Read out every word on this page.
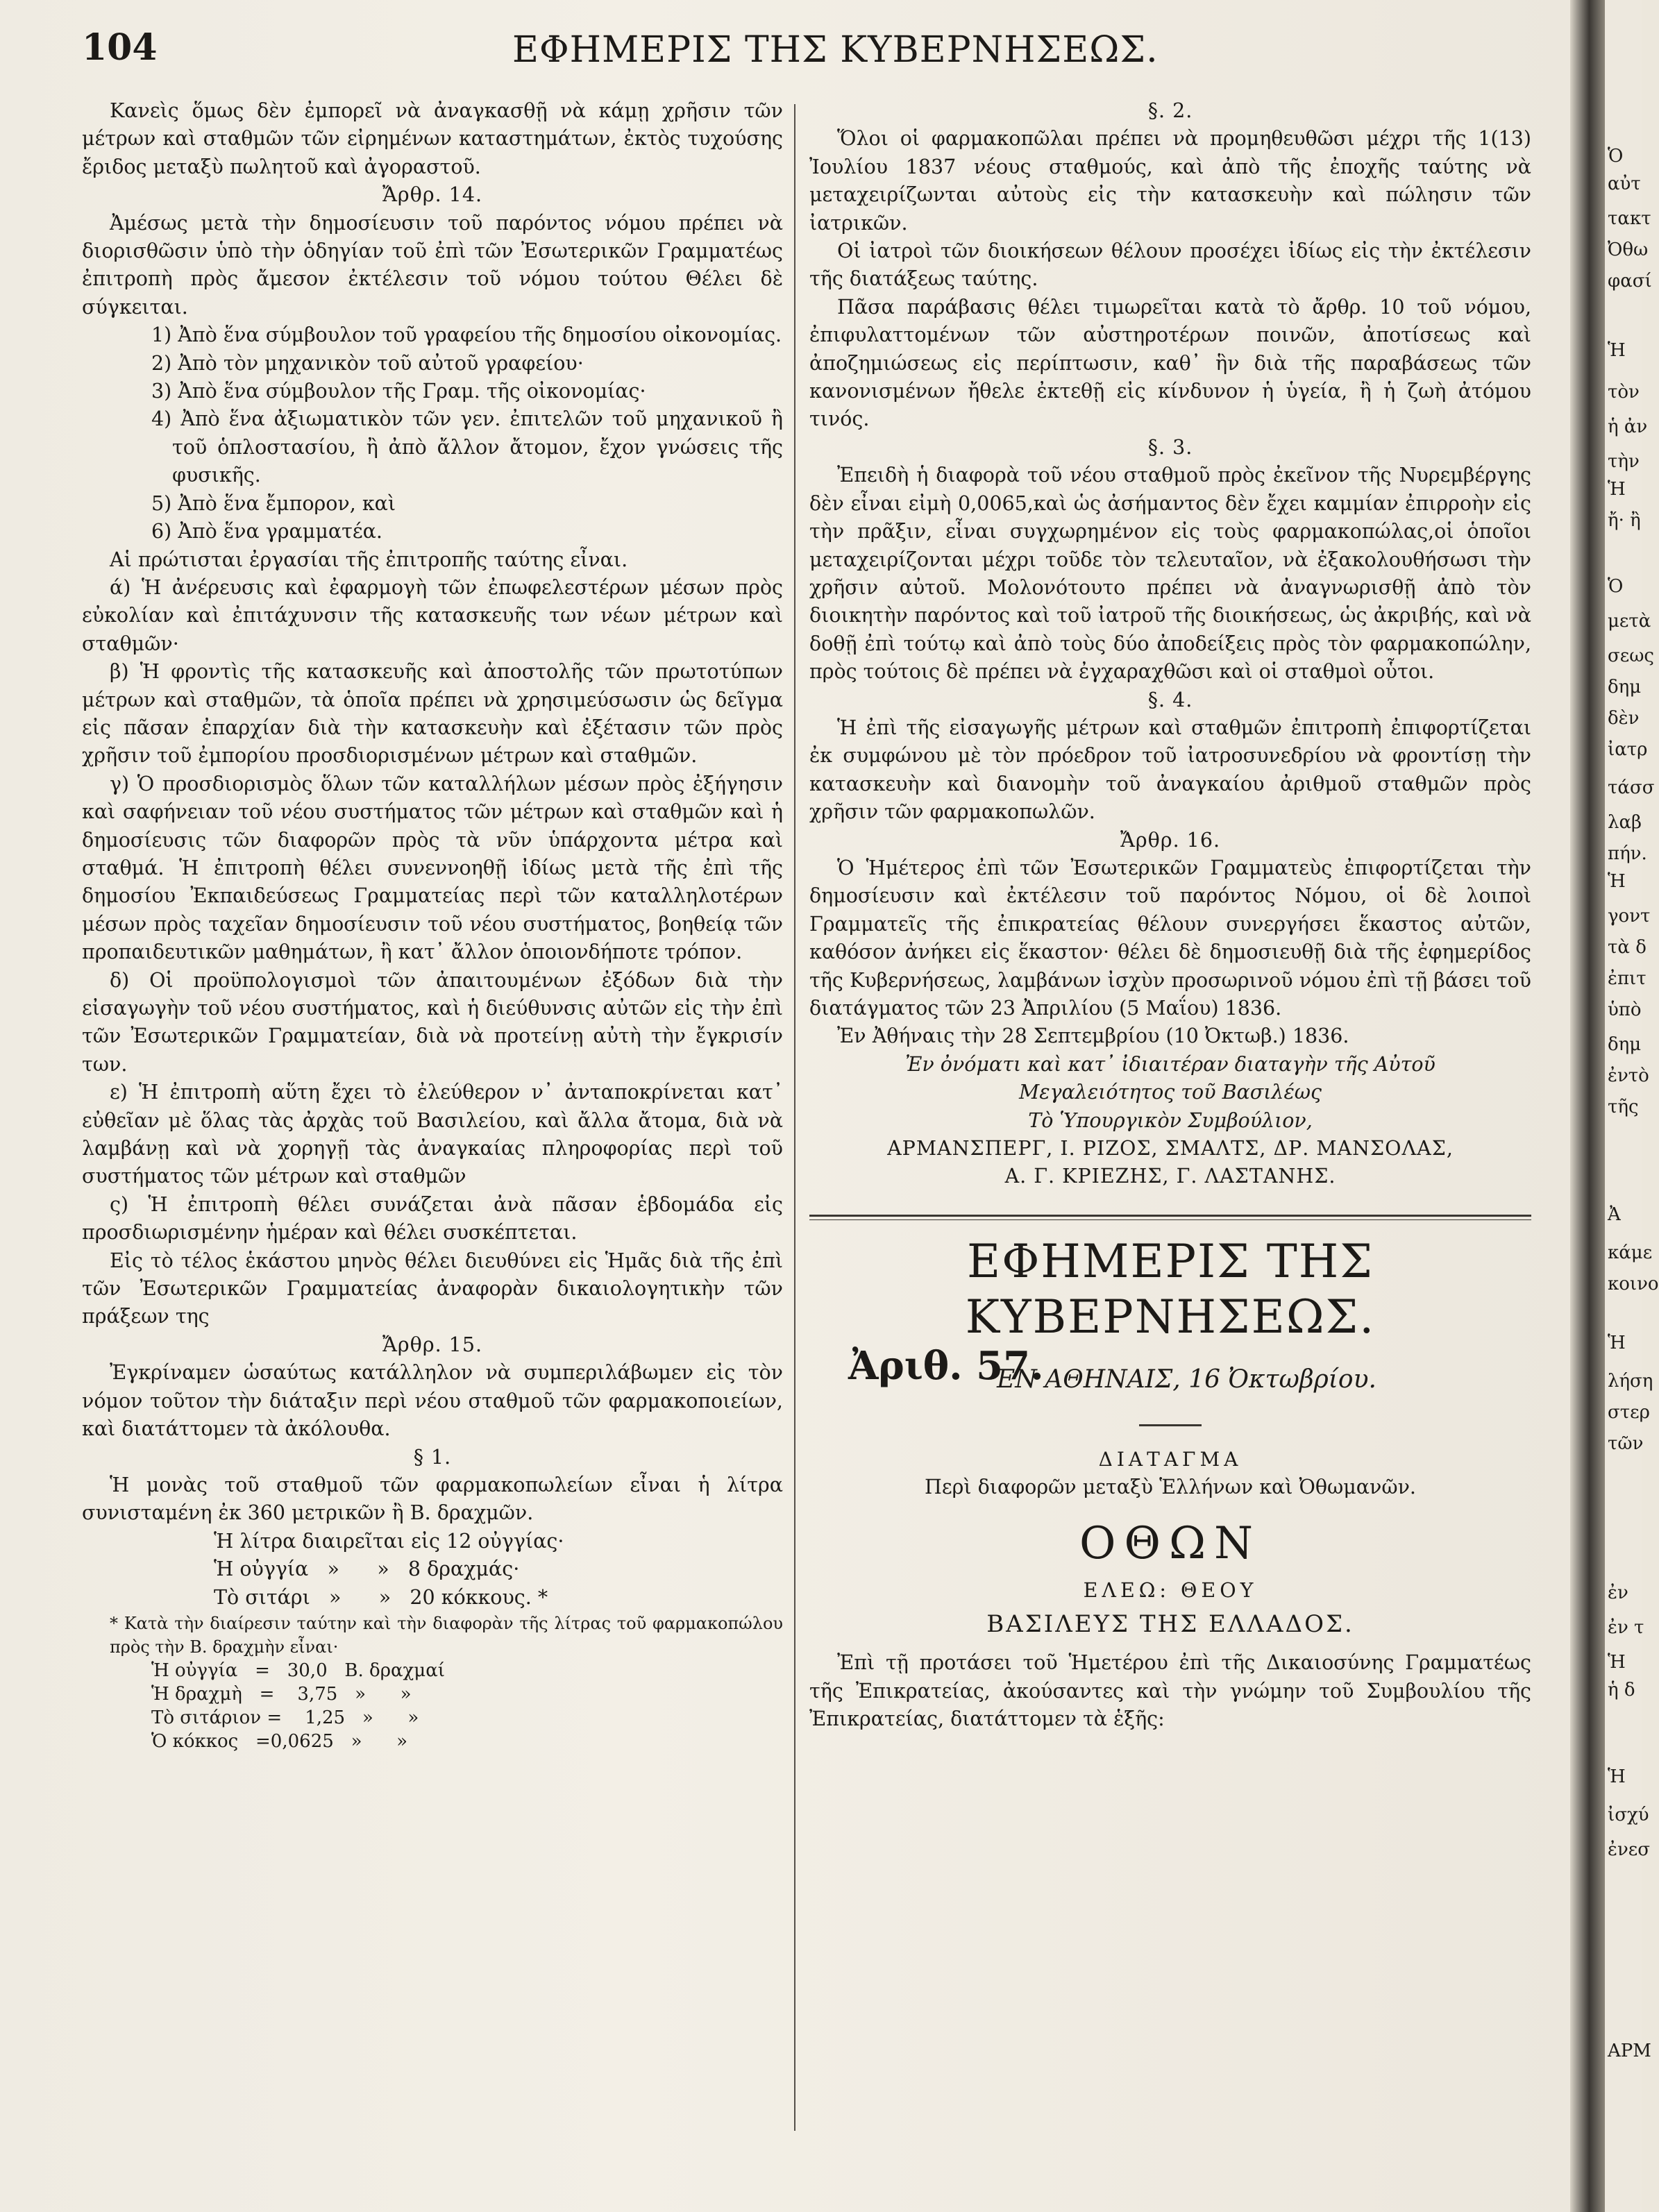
104	ΕΦΗΜΕΡΙΣ ΤΗΣ ΚΥΒΕΡΝΗΣΕΩΣ.

Κανεὶς ὅμως δὲν ἐμπορεῖ νὰ ἀναγκασθῇ νὰ κάμῃ χρῆσιν τῶν μέτρων καὶ σταθμῶν τῶν εἰρημένων καταστημάτων, ἐκτὸς τυχούσης ἔριδος μεταξὺ πωλητοῦ καὶ ἀγοραστοῦ.

Ἄρθρ. 14.

Ἀμέσως μετὰ τὴν δημοσίευσιν τοῦ παρόντος νόμου πρέπει νὰ διορισθῶσιν ὑπὸ τὴν ὁδηγίαν τοῦ ἐπὶ τῶν Ἐσωτερικῶν Γραμματέως ἐπιτροπὴ πρὸς ἄμεσον ἐκτέλεσιν τοῦ νόμου τούτου Θέλει δὲ σύγκειται.

1) Ἀπὸ ἕνα σύμβουλον τοῦ γραφείου τῆς δημοσίου οἰκονομίας.

2) Ἀπὸ τὸν μηχανικὸν τοῦ αὐτοῦ γραφείου·

3) Ἀπὸ ἕνα σύμβουλον τῆς Γραμ. τῆς οἰκονομίας·

4) Ἀπὸ ἕνα ἀξιωματικὸν τῶν γεν. ἐπιτελῶν τοῦ μηχανικοῦ ἢ τοῦ ὁπλοστασίου, ἢ ἀπὸ ἄλλον ἄτομον, ἔχον γνώσεις τῆς φυσικῆς.

5) Ἀπὸ ἕνα ἔμπορον, καὶ

6) Ἀπὸ ἕνα γραμματέα.

Αἱ πρώτισται ἐργασίαι τῆς ἐπιτροπῆς ταύτης εἶναι.

ά) Ἡ ἀνέρευσις καὶ ἐφαρμογὴ τῶν ἐπωφελεστέρων μέσων πρὸς εὐκολίαν καὶ ἐπιτάχυνσιν τῆς κατασκευῆς των νέων μέτρων καὶ σταθμῶν·

β) Ἡ φροντὶς τῆς κατασκευῆς καὶ ἀποστολῆς τῶν πρωτοτύπων μέτρων καὶ σταθμῶν, τὰ ὁποῖα πρέπει νὰ χρησιμεύσωσιν ὡς δεῖγμα εἰς πᾶσαν ἐπαρχίαν διὰ τὴν κατασκευὴν καὶ ἐξέτασιν τῶν πρὸς χρῆσιν τοῦ ἐμπορίου προσδιορισμένων μέτρων καὶ σταθμῶν.

γ) Ὁ προσδιορισμὸς ὅλων τῶν καταλλήλων μέσων πρὸς ἐξήγησιν καὶ σαφήνειαν τοῦ νέου συστήματος τῶν μέτρων καὶ σταθμῶν καὶ ἡ δημοσίευσις τῶν διαφορῶν πρὸς τὰ νῦν ὑπάρχοντα μέτρα καὶ σταθμά. Ἡ ἐπιτροπὴ θέλει συνεννοηθῇ ἰδίως μετὰ τῆς ἐπὶ τῆς δημοσίου Ἐκπαιδεύσεως Γραμματείας περὶ τῶν καταλληλοτέρων μέσων πρὸς ταχεῖαν δημοσίευσιν τοῦ νέου συστήματος, βοηθείᾳ τῶν προπαιδευτικῶν μαθημάτων, ἢ κατ᾽ ἄλλον ὁποιονδήποτε τρόπον.

δ) Οἱ προϋπολογισμοὶ τῶν ἀπαιτουμένων ἐξόδων διὰ τὴν εἰσαγωγὴν τοῦ νέου συστήματος, καὶ ἡ διεύθυνσις αὐτῶν εἰς τὴν ἐπὶ τῶν Ἐσωτερικῶν Γραμματείαν, διὰ νὰ προτείνῃ αὐτὴ τὴν ἔγκρισίν των.

ε) Ἡ ἐπιτροπὴ αὕτη ἔχει τὸ ἐλεύθερον ν᾽ ἀνταποκρίνεται κατ᾽ εὐθεῖαν μὲ ὅλας τὰς ἀρχὰς τοῦ Βασιλείου, καὶ ἄλλα ἄτομα, διὰ νὰ λαμβάνῃ καὶ νὰ χορηγῇ τὰς ἀναγκαίας πληροφορίας περὶ τοῦ συστήματος τῶν μέτρων καὶ σταθμῶν

ς) Ἡ ἐπιτροπὴ θέλει συνάζεται ἀνὰ πᾶσαν ἑβδομάδα εἰς προσδιωρισμένην ἡμέραν καὶ θέλει συσκέπτεται.

Εἰς τὸ τέλος ἑκάστου μηνὸς θέλει διευθύνει εἰς Ἡμᾶς διὰ τῆς ἐπὶ τῶν Ἐσωτερικῶν Γραμματείας ἀναφορὰν δικαιολογητικὴν τῶν πράξεων της

Ἄρθρ. 15.

Ἐγκρίναμεν ὡσαύτως κατάλληλον νὰ συμπεριλάβωμεν εἰς τὸν νόμον τοῦτον τὴν διάταξιν περὶ νέου σταθμοῦ τῶν φαρμακοποιείων, καὶ διατάττομεν τὰ ἀκόλουθα.

§ 1.

Ἡ μονὰς τοῦ σταθμοῦ τῶν φαρμακοπωλείων εἶναι ἡ λίτρα συνισταμένη ἐκ 360 μετρικῶν ἢ Β. δραχμῶν.

Ἡ λίτρα διαιρεῖται εἰς 12 οὐγγίας·

Ἡ οὐγγία   »      »   8 δραχμάς·

Τὸ σιτάρι   »      »   20 κόκκους. *

* Κατὰ τὴν διαίρεσιν ταύτην καὶ τὴν διαφορὰν τῆς λίτρας τοῦ φαρμακοπώλου πρὸς τὴν Β. δραχμὴν εἶναι·

Ἡ οὐγγία   =   30,0   Β. δραχμαί

Ἡ δραχμὴ   =    3,75   »      »

Τὸ σιτάριον =    1,25   »      »

Ὁ κόκκος   =0,0625   »      »

§. 2.

Ὅλοι οἱ φαρμακοπῶλαι πρέπει νὰ προμηθευθῶσι μέχρι τῆς 1(13) Ἰουλίου 1837 νέους σταθμούς, καὶ ἀπὸ τῆς ἐποχῆς ταύτης νὰ μεταχειρίζωνται αὐτοὺς εἰς τὴν κατασκευὴν καὶ πώλησιν τῶν ἰατρικῶν.

Οἱ ἰατροὶ τῶν διοικήσεων θέλουν προσέχει ἰδίως εἰς τὴν ἐκτέλεσιν τῆς διατάξεως ταύτης.

Πᾶσα παράβασις θέλει τιμωρεῖται κατὰ τὸ ἄρθρ. 10 τοῦ νόμου, ἐπιφυλαττομένων τῶν αὐστηροτέρων ποινῶν, ἀποτίσεως καὶ ἀποζημιώσεως εἰς περίπτωσιν, καθ᾽ ἣν διὰ τῆς παραβάσεως τῶν κανονισμένων ἤθελε ἐκτεθῇ εἰς κίνδυνον ἡ ὑγεία, ἢ ἡ ζωὴ ἀτόμου τινός.

§. 3.

Ἐπειδὴ ἡ διαφορὰ τοῦ νέου σταθμοῦ πρὸς ἐκεῖνον τῆς Νυρεμβέργης δὲν εἶναι εἰμὴ 0,0065,καὶ ὡς ἀσήμαντος δὲν ἔχει καμμίαν ἐπιρροὴν εἰς τὴν πρᾶξιν, εἶναι συγχωρημένον εἰς τοὺς φαρμακοπώλας,οἱ ὁποῖοι μεταχειρίζονται μέχρι τοῦδε τὸν τελευταῖον, νὰ ἐξακολουθήσωσι τὴν χρῆσιν αὐτοῦ. Μολονότουτο πρέπει νὰ ἀναγνωρισθῇ ἀπὸ τὸν διοικητὴν παρόντος καὶ τοῦ ἰατροῦ τῆς διοικήσεως, ὡς ἀκριβής, καὶ νὰ δοθῇ ἐπὶ τούτῳ καὶ ἀπὸ τοὺς δύο ἀποδείξεις πρὸς τὸν φαρμακοπώλην, πρὸς τούτοις δὲ πρέπει νὰ ἐγχαραχθῶσι καὶ οἱ σταθμοὶ οὗτοι.

§. 4.

Ἡ ἐπὶ τῆς εἰσαγωγῆς μέτρων καὶ σταθμῶν ἐπιτροπὴ ἐπιφορτίζεται ἐκ συμφώνου μὲ τὸν πρόεδρον τοῦ ἰατροσυνεδρίου νὰ φροντίσῃ τὴν κατασκευὴν καὶ διανομὴν τοῦ ἀναγκαίου ἀριθμοῦ σταθμῶν πρὸς χρῆσιν τῶν φαρμακοπωλῶν.

Ἄρθρ. 16.

Ὁ Ἡμέτερος ἐπὶ τῶν Ἐσωτερικῶν Γραμματεὺς ἐπιφορτίζεται τὴν δημοσίευσιν καὶ ἐκτέλεσιν τοῦ παρόντος Νόμου, οἱ δὲ λοιποὶ Γραμματεῖς τῆς ἐπικρατείας θέλουν συνεργήσει ἕκαστος αὐτῶν, καθόσον ἀνήκει εἰς ἕκαστον· θέλει δὲ δημοσιευθῇ διὰ τῆς ἐφημερίδος τῆς Κυβερνήσεως, λαμβάνων ἰσχὺν προσωρινοῦ νόμου ἐπὶ τῇ βάσει τοῦ διατάγματος τῶν 23 Ἀπριλίου (5 Μαΐου) 1836.

Ἐν Ἀθήναις τὴν 28 Σεπτεμβρίου (10 Ὀκτωβ.) 1836.

Ἐν ὀνόματι καὶ κατ᾽ ἰδιαιτέραν διαταγὴν τῆς Αὐτοῦ

Μεγαλειότητος τοῦ Βασιλέως

Τὸ Ὑπουργικὸν Συμβούλιον,

ΑΡΜΑΝΣΠΕΡΓ, Ι. ΡΙΖΟΣ, ΣΜΑΛΤΣ, ΔΡ. ΜΑΝΣΟΛΑΣ,

Α. Γ. ΚΡΙΕΖΗΣ, Γ. ΛΑΣΤΑΝΗΣ.

ΕΦΗΜΕΡΙΣ ΤΗΣ ΚΥΒΕΡΝΗΣΕΩΣ.

Ἀριθ. 57.
ΕΝ ΑΘΗΝΑΙΣ, 16 Ὀκτωβρίου.

ΔΙΑΤΑΓΜΑ

Περὶ διαφορῶν μεταξὺ Ἑλλήνων καὶ Ὀθωμανῶν.

ΟΘΩΝ

ΕΛΕΩ: ΘΕΟΥ

ΒΑΣΙΛΕΥΣ ΤΗΣ ΕΛΛΑΔΟΣ.

Ἐπὶ τῇ προτάσει τοῦ Ἡμετέρου ἐπὶ τῆς Δικαιοσύνης Γραμματέως τῆς Ἐπικρατείας, ἀκούσαντες καὶ τὴν γνώμην τοῦ Συμβουλίου τῆς Ἐπικρατείας, διατάττομεν τὰ ἑξῆς:

Ὁ
αὐτ
τακτ
Ὀθω
φασί
Ἡ
τὸν
ἡ ἀν
τὴν
Ἡ
ἤ· ἢ
Ὁ
μετὰ
σεως
δημ
δὲν
ἰατρ
τάσσ
λαβ
πήν.
Ἡ
γοντ
τὰ δ
ἐπιτ
ὑπὸ
δημ
ἐντὸ
τῆς
Ἀ
κάμε
κοινο
Ἡ
λήση
στερ
τῶν
ἐν
ἐν τ
Ἡ
ἡ δ
Ἡ
ἰσχύ
ἐνεσ
ΑΡΜ
